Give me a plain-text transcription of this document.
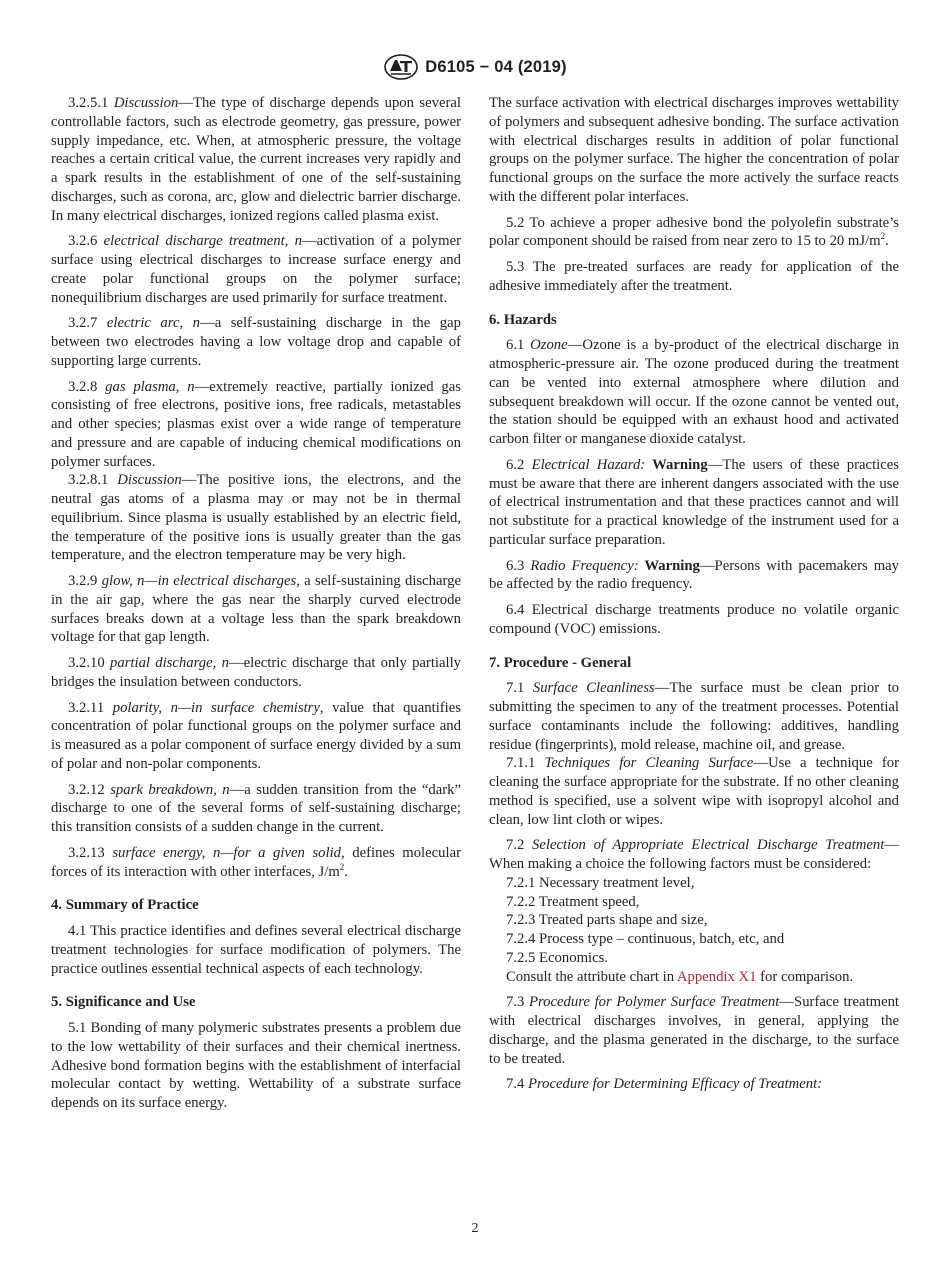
D6105 − 04 (2019)

3.2.5.1 Discussion—The type of discharge depends upon several controllable factors, such as electrode geometry, gas pressure, power supply impedance, etc. When, at atmospheric pressure, the voltage reaches a certain critical value, the current increases very rapidly and a spark results in the establishment of one of the self-sustaining discharges, such as corona, arc, glow and dielectric barrier discharge. In many electrical discharges, ionized regions called plasma exist.

3.2.6 electrical discharge treatment, n—activation of a polymer surface using electrical discharges to increase surface energy and create polar functional groups on the polymer surface; nonequilibrium discharges are used primarily for surface treatment.

3.2.7 electric arc, n—a self-sustaining discharge in the gap between two electrodes having a low voltage drop and capable of supporting large currents.

3.2.8 gas plasma, n—extremely reactive, partially ionized gas consisting of free electrons, positive ions, free radicals, metastables and other species; plasmas exist over a wide range of temperature and pressure and are capable of inducing chemical modifications on polymer surfaces.

3.2.8.1 Discussion—The positive ions, the electrons, and the neutral gas atoms of a plasma may or may not be in thermal equilibrium. Since plasma is usually established by an electric field, the temperature of the positive ions is usually greater than the gas temperature, and the electron temperature may be very high.

3.2.9 glow, n—in electrical discharges, a self-sustaining discharge in the air gap, where the gas near the sharply curved electrode surfaces breaks down at a voltage less than the spark breakdown voltage for that gap length.

3.2.10 partial discharge, n—electric discharge that only partially bridges the insulation between conductors.

3.2.11 polarity, n—in surface chemistry, value that quantifies concentration of polar functional groups on the polymer surface and is measured as a polar component of surface energy divided by a sum of polar and non-polar components.

3.2.12 spark breakdown, n—a sudden transition from the “dark” discharge to one of the several forms of self-sustaining discharge; this transition consists of a sudden change in the current.

3.2.13 surface energy, n—for a given solid, defines molecular forces of its interaction with other interfaces, $J/m^2$.

4. Summary of Practice

4.1 This practice identifies and defines several electrical discharge treatment technologies for surface modification of polymers. The practice outlines essential technical aspects of each technology.

5. Significance and Use

5.1 Bonding of many polymeric substrates presents a problem due to the low wettability of their surfaces and their chemical inertness. Adhesive bond formation begins with the establishment of interfacial molecular contact by wetting. Wettability of a substrate surface depends on its surface energy.

The surface activation with electrical discharges improves wettability of polymers and subsequent adhesive bonding. The surface activation with electrical discharges results in addition of polar functional groups on the polymer surface. The higher the concentration of polar functional groups on the surface the more actively the surface reacts with the different polar interfaces.

5.2 To achieve a proper adhesive bond the polyolefin substrate’s polar component should be raised from near zero to 15 to 20 $mJ/m^2$.

5.3 The pre-treated surfaces are ready for application of the adhesive immediately after the treatment.

6. Hazards

6.1 Ozone—Ozone is a by-product of the electrical discharge in atmospheric-pressure air. The ozone produced during the treatment can be vented into external atmosphere where dilution and subsequent breakdown will occur. If the ozone cannot be vented out, the station should be equipped with an exhaust hood and activated carbon filter or manganese dioxide catalyst.

6.2 Electrical Hazard: Warning—The users of these practices must be aware that there are inherent dangers associated with the use of electrical instrumentation and that these practices cannot and will not substitute for a practical knowledge of the instrument used for a particular surface preparation.

6.3 Radio Frequency: Warning—Persons with pacemakers may be affected by the radio frequency.

6.4 Electrical discharge treatments produce no volatile organic compound (VOC) emissions.

7. Procedure - General

7.1 Surface Cleanliness—The surface must be clean prior to submitting the specimen to any of the treatment processes. Potential surface contaminants include the following: additives, handling residue (fingerprints), mold release, machine oil, and grease.

7.1.1 Techniques for Cleaning Surface—Use a technique for cleaning the surface appropriate for the substrate. If no other cleaning method is specified, use a solvent wipe with isopropyl alcohol and clean, low lint cloth or wipes.

7.2 Selection of Appropriate Electrical Discharge Treatment—When making a choice the following factors must be considered:

7.2.1 Necessary treatment level,
7.2.2 Treatment speed,
7.2.3 Treated parts shape and size,
7.2.4 Process type – continuous, batch, etc, and
7.2.5 Economics.

Consult the attribute chart in Appendix X1 for comparison.

7.3 Procedure for Polymer Surface Treatment—Surface treatment with electrical discharges involves, in general, applying the discharge, and the plasma generated in the discharge, to the surface to be treated.

7.4 Procedure for Determining Efficacy of Treatment:

2
